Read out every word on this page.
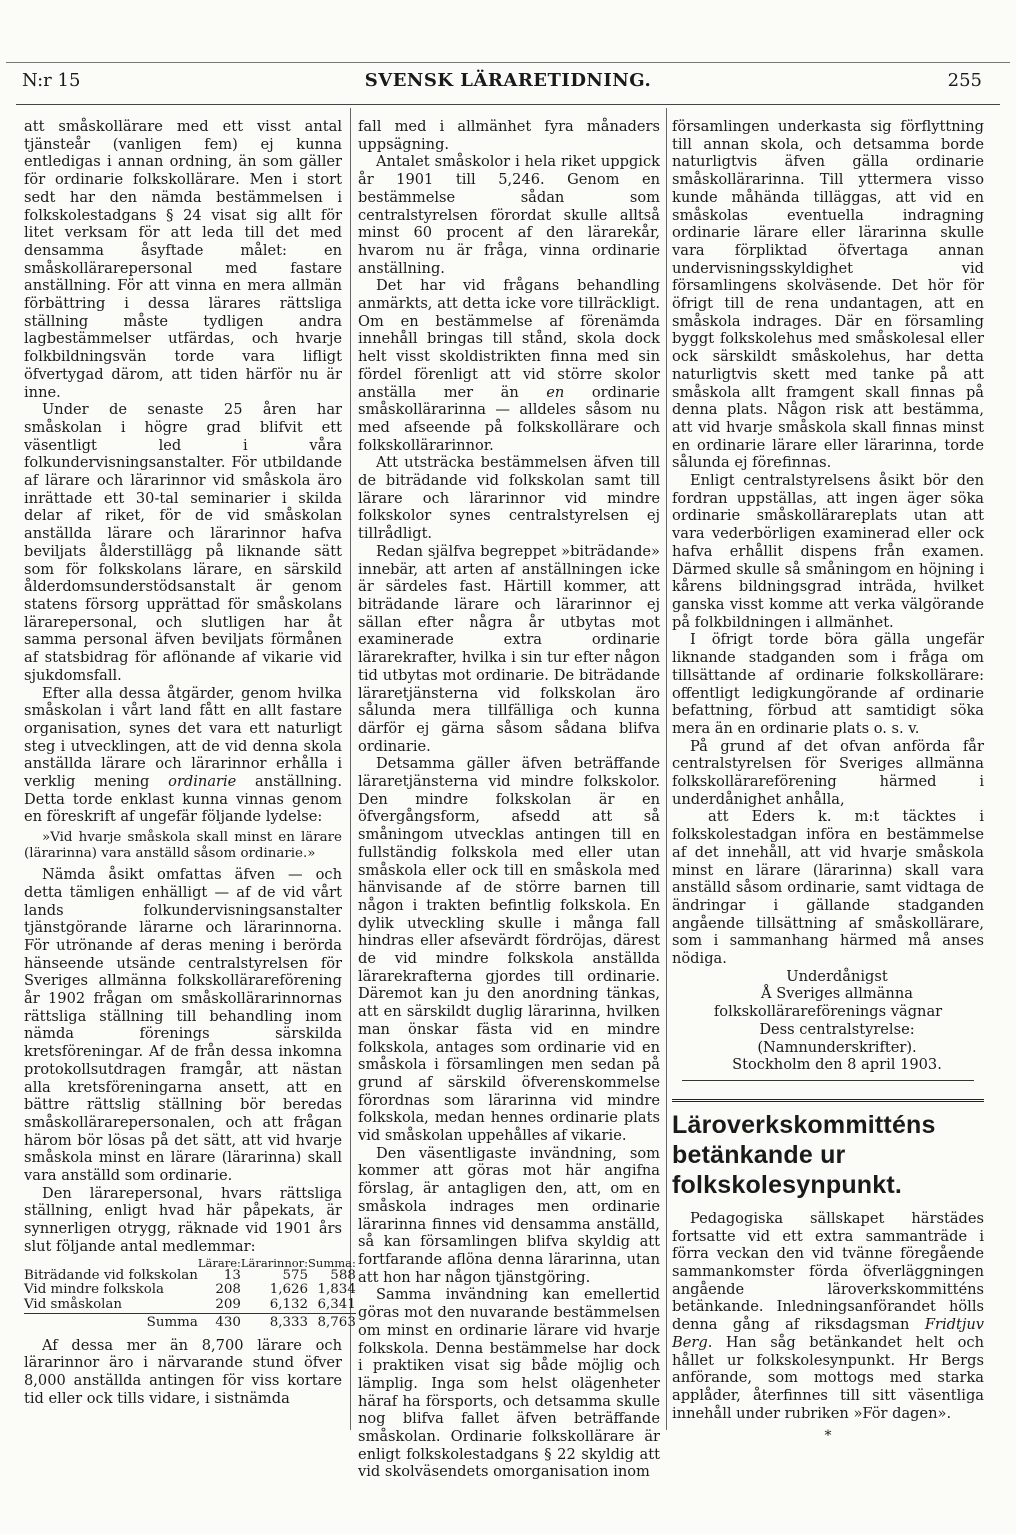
N:r 15	SVENSK LÄRARETIDNING.	255

att småskollärare med ett visst antal tjänsteår (vanligen fem) ej kunna entledigas i annan ordning, än som gäller för ordinarie folkskollärare. Men i stort sedt har den nämda bestämmelsen i folkskolestadgans § 24 visat sig allt för litet verksam för att leda till det med densamma åsyftade målet: en småskollärarepersonal med fastare anställning. För att vinna en mera allmän förbättring i dessa lärares rättsliga ställning måste tydligen andra lagbestämmelser utfärdas, och hvarje folkbildningsvän torde vara lifligt öfvertygad därom, att tiden härför nu är inne.

Under de senaste 25 åren har småskolan i högre grad blifvit ett väsentligt led i våra folkundervisningsanstalter. För utbildande af lärare och lärarinnor vid småskola äro inrättade ett 30-tal seminarier i skilda delar af riket, för de vid småskolan anställda lärare och lärarinnor hafva beviljats ålderstillägg på liknande sätt som för folkskolans lärare, en särskild ålderdomsunderstödsanstalt är genom statens försorg upprättad för småskolans lärarepersonal, och slutligen har åt samma personal äfven beviljats förmånen af statsbidrag för aflönande af vikarie vid sjukdomsfall.

Efter alla dessa åtgärder, genom hvilka småskolan i vårt land fått en allt fastare organisation, synes det vara ett naturligt steg i utvecklingen, att de vid denna skola anställda lärare och lärarinnor erhålla i verklig mening ordinarie anställning. Detta torde enklast kunna vinnas genom en föreskrift af ungefär följande lydelse:

»Vid hvarje småskola skall minst en lärare (lärarinna) vara anställd såsom ordinarie.»

Nämda åsikt omfattas äfven — och detta tämligen enhälligt — af de vid vårt lands folkundervisningsanstalter tjänstgörande lärarne och lärarinnorna. För utrönande af deras mening i berörda hänseende utsände centralstyrelsen för Sveriges allmänna folkskollärareförening år 1902 frågan om småskollärarinnornas rättsliga ställning till behandling inom nämda förenings särskilda kretsföreningar. Af de från dessa inkomna protokollsutdragen framgår, att nästan alla kretsföreningarna ansett, att en bättre rättslig ställning bör beredas småskollärarepersonalen, och att frågan härom bör lösas på det sätt, att vid hvarje småskola minst en lärare (lärarinna) skall vara anställd som ordinarie.

Den lärarepersonal, hvars rättsliga ställning, enligt hvad här påpekats, är synnerligen otrygg, räknade vid 1901 års slut följande antal medlemmar:

	Lärare:	Lärarinnor:	Summa:
Biträdande vid folkskolan	13	575	588
Vid mindre folkskola	208	1,626	1,834
Vid småskolan	209	6,132	6,341
Summa	430	8,333	8,763

Af dessa mer än 8,700 lärare och lärarinnor äro i närvarande stund öfver 8,000 anställda antingen för viss kortare tid eller ock tills vidare, i sistnämda

fall med i allmänhet fyra månaders uppsägning.

Antalet småskolor i hela riket uppgick år 1901 till 5,246. Genom en bestämmelse sådan som centralstyrelsen förordat skulle alltså minst 60 procent af den lärarekår, hvarom nu är fråga, vinna ordinarie anställning.

Det har vid frågans behandling anmärkts, att detta icke vore tillräckligt. Om en bestämmelse af förenämda innehåll bringas till stånd, skola dock helt visst skoldistrikten finna med sin fördel förenligt att vid större skolor anställa mer än en ordinarie småskollärarinna — alldeles såsom nu med afseende på folkskollärare och folkskollärarinnor.

Att utsträcka bestämmelsen äfven till de biträdande vid folkskolan samt till lärare och lärarinnor vid mindre folkskolor synes centralstyrelsen ej tillrådligt.

Redan själfva begreppet »biträdande» innebär, att arten af anställningen icke är särdeles fast. Härtill kommer, att biträdande lärare och lärarinnor ej sällan efter några år utbytas mot examinerade extra ordinarie lärarekrafter, hvilka i sin tur efter någon tid utbytas mot ordinarie. De biträdande läraretjänsterna vid folkskolan äro sålunda mera tillfälliga och kunna därför ej gärna såsom sådana blifva ordinarie.

Detsamma gäller äfven beträffande läraretjänsterna vid mindre folkskolor. Den mindre folkskolan är en öfvergångsform, afsedd att så småningom utvecklas antingen till en fullständig folkskola med eller utan småskola eller ock till en småskola med hänvisande af de större barnen till någon i trakten befintlig folkskola. En dylik utveckling skulle i många fall hindras eller afsevärdt fördröjas, därest de vid mindre folkskola anställda lärarekrafterna gjordes till ordinarie. Däremot kan ju den anordning tänkas, att en särskildt duglig lärarinna, hvilken man önskar fästa vid en mindre folkskola, antages som ordinarie vid en småskola i församlingen men sedan på grund af särskild öfverenskommelse förordnas som lärarinna vid mindre folkskola, medan hennes ordinarie plats vid småskolan uppehålles af vikarie.

Den väsentligaste invändning, som kommer att göras mot här angifna förslag, är antagligen den, att, om en småskola indrages men ordinarie lärarinna finnes vid densamma anställd, så kan församlingen blifva skyldig att fortfarande aflöna denna lärarinna, utan att hon har någon tjänstgöring.

Samma invändning kan emellertid göras mot den nuvarande bestämmelsen om minst en ordinarie lärare vid hvarje folkskola. Denna bestämmelse har dock i praktiken visat sig både möjlig och lämplig. Inga som helst olägenheter häraf ha försports, och detsamma skulle nog blifva fallet äfven beträffande småskolan. Ordinarie folkskollärare är enligt folkskolestadgans § 22 skyldig att vid skolväsendets omorganisation inom

församlingen underkasta sig förflyttning till annan skola, och detsamma borde naturligtvis äfven gälla ordinarie småskollärarinna. Till yttermera visso kunde måhända tilläggas, att vid en småskolas eventuella indragning ordinarie lärare eller lärarinna skulle vara förpliktad öfvertaga annan undervisningsskyldighet vid församlingens skolväsende. Det hör för öfrigt till de rena undantagen, att en småskola indrages. Där en församling byggt folkskolehus med småskolesal eller ock särskildt småskolehus, har detta naturligtvis skett med tanke på att småskola allt framgent skall finnas på denna plats. Någon risk att bestämma, att vid hvarje småskola skall finnas minst en ordinarie lärare eller lärarinna, torde sålunda ej förefinnas.

Enligt centralstyrelsens åsikt bör den fordran uppställas, att ingen äger söka ordinarie småskollärareplats utan att vara vederbörligen examinerad eller ock hafva erhållit dispens från examen. Därmed skulle så småningom en höjning i kårens bildningsgrad inträda, hvilket ganska visst komme att verka välgörande på folkbildningen i allmänhet.

I öfrigt torde böra gälla ungefär liknande stadganden som i fråga om tillsättande af ordinarie folkskollärare: offentligt ledigkungörande af ordinarie befattning, förbud att samtidigt söka mera än en ordinarie plats o. s. v.

På grund af det ofvan anförda får centralstyrelsen för Sveriges allmänna folkskollärareförening härmed i underdånighet anhålla,

att Eders k. m:t täcktes i folkskolestadgan införa en bestämmelse af det innehåll, att vid hvarje småskola minst en lärare (lärarinna) skall vara anställd såsom ordinarie, samt vidtaga de ändringar i gällande stadganden angående tillsättning af småskollärare, som i sammanhang härmed må anses nödiga.

Underdånigst

Å Sveriges allmänna folkskollärareförenings vägnar

Dess centralstyrelse:

(Namnunderskrifter).

Stockholm den 8 april 1903.

Läroverkskommitténs betänkande ur folkskolesynpunkt.

Pedagogiska sällskapet härstädes fortsatte vid ett extra sammanträde i förra veckan den vid tvänne föregående sammankomster förda öfverläggningen angående läroverkskommitténs betänkande. Inledningsanförandet hölls denna gång af riksdagsman Fridtjuv Berg. Han såg betänkandet helt och hållet ur folkskolesynpunkt. Hr Bergs anförande, som mottogs med starka applåder, återfinnes till sitt väsentliga innehåll under rubriken »För dagen».

*
